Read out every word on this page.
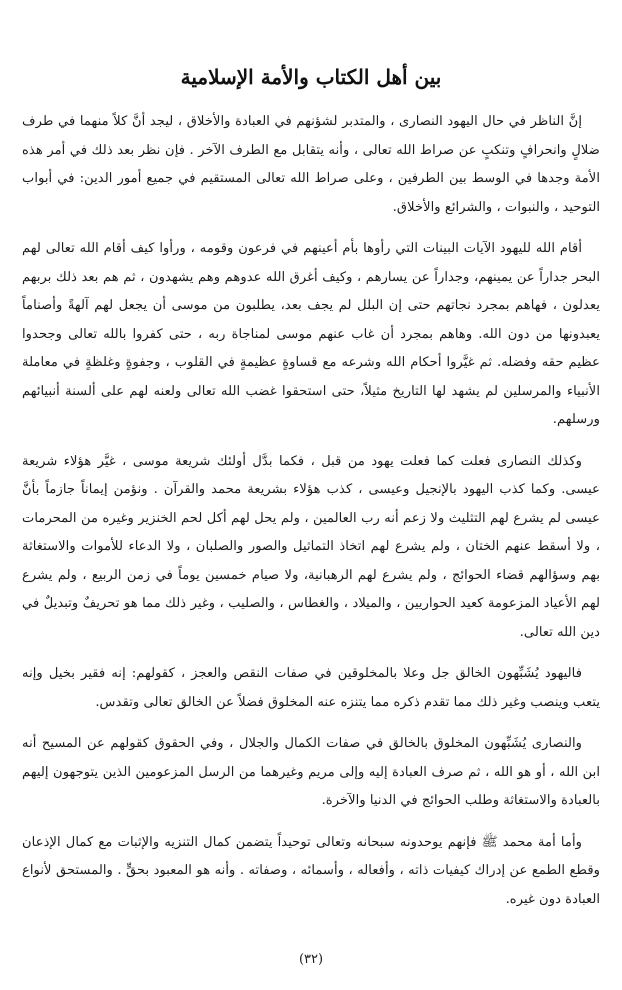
بين أهل الكتاب والأمة الإسلامية

إنَّ الناظر في حال اليهود النصارى ، والمتدبر لشؤنهم في العبادة والأخلاق ، ليجد أنَّ كلاً منهما في طرف ضلالٍ وانحرافٍ وتنكبٍ عن صراط الله تعالى ، وأنه يتقابل مع الطرف الآخر . فإن نظر بعد ذلك في أمر هذه الأمة وجدها في الوسط بين الطرفين ، وعلى صراط الله تعالى المستقيم في جميع أمور الدين: في أبواب التوحيد ، والنبوات ، والشرائع والأخلاق.

أقام الله لليهود الآيات البينات التي رأوها بأم أعينهم في فرعون وقومه ، ورأوا كيف أقام الله تعالى لهم البحر جداراً عن يمينهم، وجداراً عن يسارهم ، وكيف أغرق الله عدوهم وهم يشهدون ، ثم هم بعد ذلك بربهم يعدلون ، فهاهم بمجرد نجاتهم حتى إن البلل لم يجف بعد، يطلبون من موسى أن يجعل لهم آلهةً وأصناماً يعبدونها من دون الله. وهاهم بمجرد أن غاب عنهم موسى لمناجاة ربه ، حتى كفروا بالله تعالى وجحدوا عظيم حقه وفضله. ثم غيَّروا أحكام الله وشرعه مع قساوةٍ عظيمةٍ في القلوب ، وجفوةٍ وغلظةٍ في معاملة الأنبياء والمرسلين لم يشهد لها التاريخ مثيلاً، حتى استحقوا غضب الله تعالى ولعنه لهم على ألسنة أنبيائهم ورسلهم.

وكذلك النصارى فعلت كما فعلت يهود من قبل ، فكما بدَّل أولئك شريعة موسى ، غيَّر هؤلاء شريعة عيسى. وكما كذب اليهود بالإنجيل وعيسى ، كذب هؤلاء بشريعة محمد والقرآن . ونؤمن إيماناً جازماً بأنَّ عيسى لم يشرع لهم التثليث ولا زعم أنه رب العالمين ، ولم يحل لهم أكل لحم الخنزير وغيره من المحرمات ، ولا أسقط عنهم الختان ، ولم يشرع لهم اتخاذ التماثيل والصور والصلبان ، ولا الدعاء للأموات والاستغاثة بهم وسؤالهم قضاء الحوائج ، ولم يشرع لهم الرهبانية، ولا صيام خمسين يوماً في زمن الربيع ، ولم يشرع لهم الأعياد المزعومة كعيد الحواريين ، والميلاد ، والغطاس ، والصليب ، وغير ذلك مما هو تحريفٌ وتبديلٌ في دين الله تعالى.

فاليهود يُشَبِّهون الخالق جل وعلا بالمخلوقين في صفات النقص والعجز ، كقولهم: إنه فقير بخيل وإنه يتعب وينصب وغير ذلك مما تقدم ذكره مما يتنزه عنه المخلوق فضلاً عن الخالق تعالى وتقدس.

والنصارى يُشَبِّهون المخلوق بالخالق في صفات الكمال والجلال ، وفي الحقوق كقولهم عن المسيح أنه ابن الله ، أو هو الله ، ثم صرف العبادة إليه وإلى مريم وغيرهما من الرسل المزعومين الذين يتوجهون إليهم بالعبادة والاستغاثة وطلب الحوائج في الدنيا والآخرة.

وأما أمة محمد ﷺ فإنهم يوحدونه سبحانه وتعالى توحيداً يتضمن كمال التنزيه والإثبات مع كمال الإذعان وقطع الطمع عن إدراك كيفيات ذاته ، وأفعاله ، وأسمائه ، وصفاته . وأنه هو المعبود بحقٍّ . والمستحق لأنواع العبادة دون غيره.

(٣٢)
